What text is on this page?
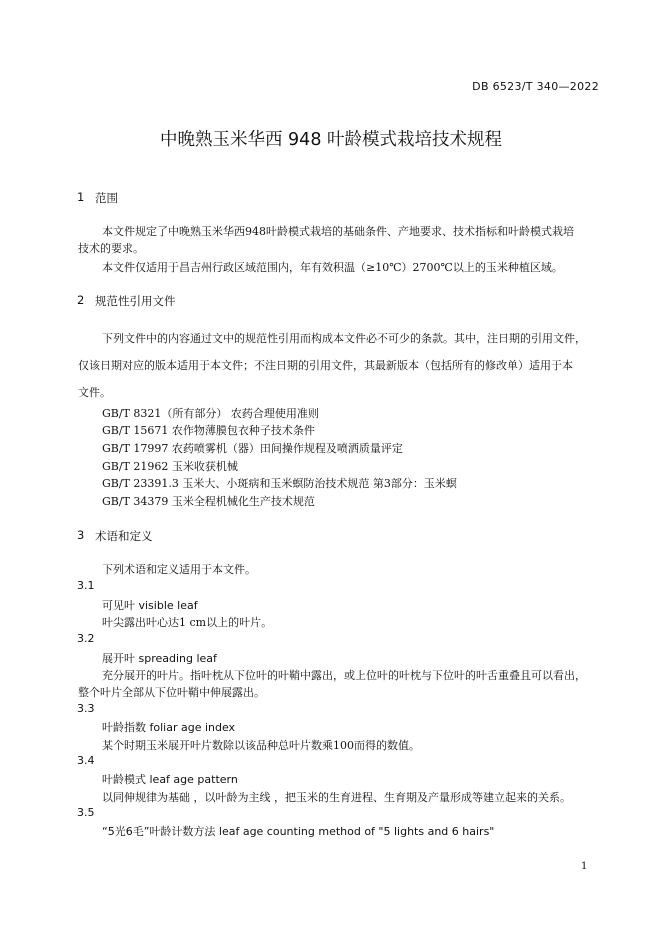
DB 6523/T 340—2022
中晚熟玉米华西 948 叶龄模式栽培技术规程
1 范围
本文件规定了中晚熟玉米华西948叶龄模式栽培的基础条件、产地要求、技术指标和叶龄模式栽培
技术的要求。
本文件仅适用于昌吉州行政区域范围内，年有效积温（≥10℃）2700℃以上的玉米种植区域。
2 规范性引用文件
下列文件中的内容通过文中的规范性引用而构成本文件必不可少的条款。其中，注日期的引用文件，
仅该日期对应的版本适用于本文件；不注日期的引用文件，其最新版本（包括所有的修改单）适用于本
文件。
GB/T 8321（所有部分） 农药合理使用准则
GB/T 15671 农作物薄膜包衣种子技术条件
GB/T 17997 农药喷雾机（器）田间操作规程及喷洒质量评定
GB/T 21962 玉米收获机械
GB/T 23391.3 玉米大、小斑病和玉米螟防治技术规范 第3部分：玉米螟
GB/T 34379 玉米全程机械化生产技术规范
3 术语和定义
下列术语和定义适用于本文件。
3.1
可见叶 visible leaf
叶尖露出叶心达1 cm以上的叶片。
3.2
展开叶 spreading leaf
充分展开的叶片。指叶枕从下位叶的叶鞘中露出，或上位叶的叶枕与下位叶的叶舌重叠且可以看出，
整个叶片全部从下位叶鞘中伸展露出。
3.3
叶龄指数 foliar age index
某个时期玉米展开叶片数除以该品种总叶片数乘100而得的数值。
3.4
叶龄模式 leaf age pattern
以同伸规律为基础 ，以叶龄为主线 ，把玉米的生育进程、生育期及产量形成等建立起来的关系。
3.5
“5光6毛”叶龄计数方法 leaf age counting method of "5 lights and 6 hairs"
1
